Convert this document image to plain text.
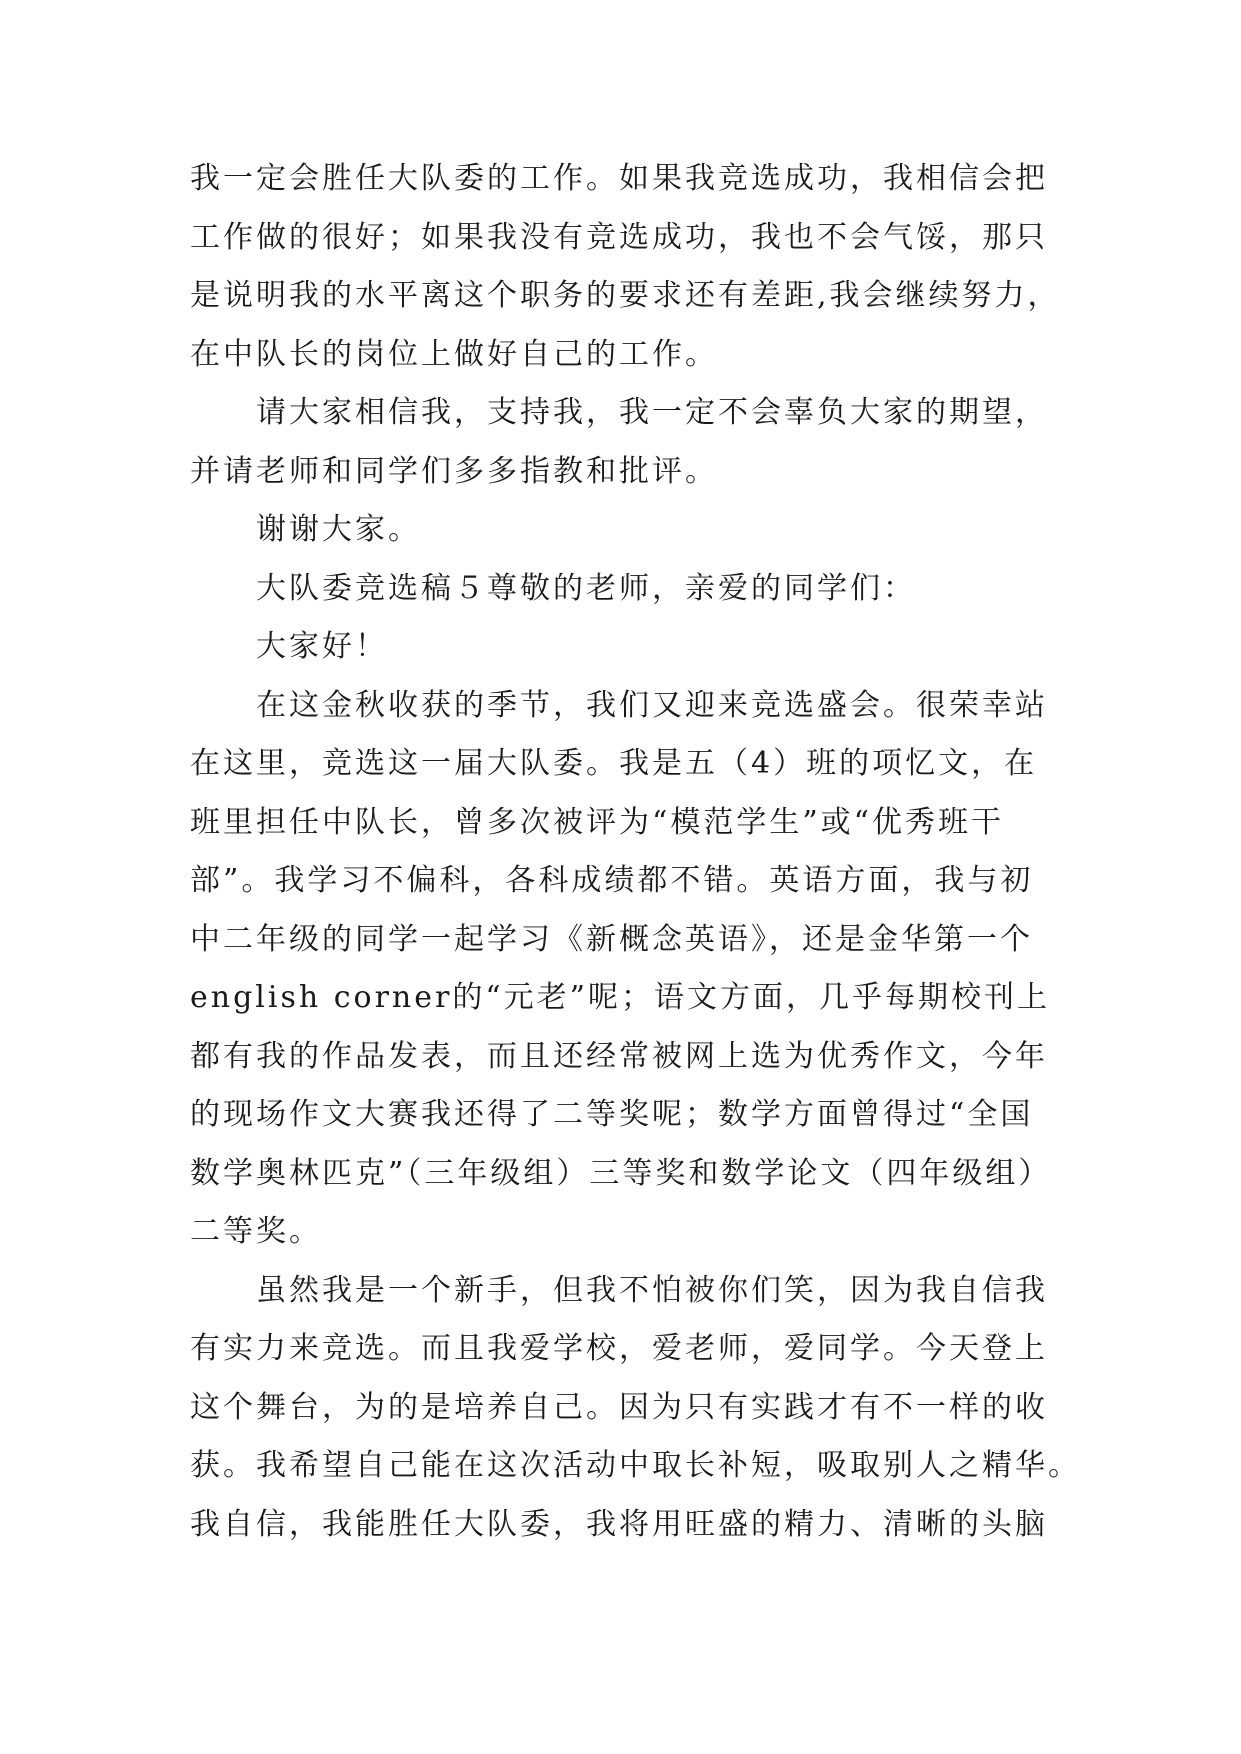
我一定会胜任大队委的工作。如果我竞选成功，我相信会把
工作做的很好；如果我没有竞选成功，我也不会气馁，那只
是说明我的水平离这个职务的要求还有差距,我会继续努力，
在中队长的岗位上做好自己的工作。
请大家相信我，支持我，我一定不会辜负大家的期望，
并请老师和同学们多多指教和批评。
谢谢大家。
大队委竞选稿５尊敬的老师，亲爱的同学们：
大家好！
在这金秋收获的季节，我们又迎来竞选盛会。很荣幸站
在这里，竞选这一届大队委。我是五（4）班的项忆文，在
班里担任中队长，曾多次被评为“模范学生”或“优秀班干
部”。我学习不偏科，各科成绩都不错。英语方面，我与初
中二年级的同学一起学习《新概念英语》，还是金华第一个
english corner的“元老”呢；语文方面，几乎每期校刊上
都有我的作品发表，而且还经常被网上选为优秀作文，今年
的现场作文大赛我还得了二等奖呢；数学方面曾得过“全国
数学奥林匹克”（三年级组）三等奖和数学论文（四年级组）
二等奖。
虽然我是一个新手，但我不怕被你们笑，因为我自信我
有实力来竞选。而且我爱学校，爱老师，爱同学。今天登上
这个舞台，为的是培养自己。因为只有实践才有不一样的收
获。我希望自己能在这次活动中取长补短，吸取别人之精华。
我自信，我能胜任大队委，我将用旺盛的精力、清晰的头脑
